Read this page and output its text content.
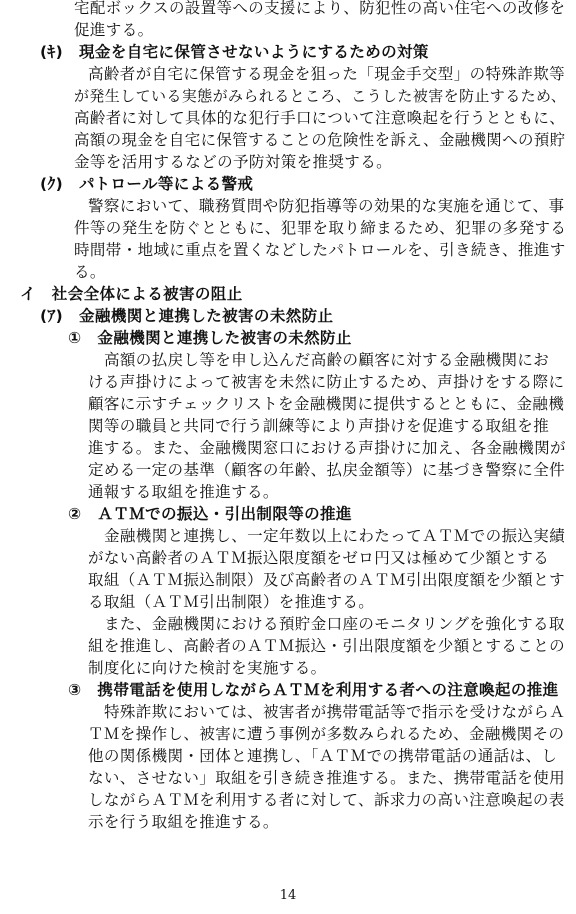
宅配ボックスの設置等への支援により、防犯性の高い住宅への改修を
促進する。
(ｷ)　現金を自宅に保管させないようにするための対策
高齢者が自宅に保管する現金を狙った「現金手交型」の特殊詐欺等
が発生している実態がみられるところ、こうした被害を防止するため、
高齢者に対して具体的な犯行手口について注意喚起を行うとともに、
高額の現金を自宅に保管することの危険性を訴え、金融機関への預貯
金等を活用するなどの予防対策を推奨する。
(ｸ)　パトロール等による警戒
警察において、職務質問や防犯指導等の効果的な実施を通じて、事
件等の発生を防ぐとともに、犯罪を取り締まるため、犯罪の多発する
時間帯・地域に重点を置くなどしたパトロールを、引き続き、推進す
る。
イ　社会全体による被害の阻止
(ｱ)　金融機関と連携した被害の未然防止
①　金融機関と連携した被害の未然防止
高額の払戻し等を申し込んだ高齢の顧客に対する金融機関にお
ける声掛けによって被害を未然に防止するため、声掛けをする際に
顧客に示すチェックリストを金融機関に提供するとともに、金融機
関等の職員と共同で行う訓練等により声掛けを促進する取組を推
進する。また、金融機関窓口における声掛けに加え、各金融機関が
定める一定の基準（顧客の年齢、払戻金額等）に基づき警察に全件
通報する取組を推進する。
②　ＡＴＭでの振込・引出制限等の推進
金融機関と連携し、一定年数以上にわたってＡＴＭでの振込実績
がない高齢者のＡＴＭ振込限度額をゼロ円又は極めて少額とする
取組（ＡＴＭ振込制限）及び高齢者のＡＴＭ引出限度額を少額とす
る取組（ＡＴＭ引出制限）を推進する。
また、金融機関における預貯金口座のモニタリングを強化する取
組を推進し、高齢者のＡＴＭ振込・引出限度額を少額とすることの
制度化に向けた検討を実施する。
③　携帯電話を使用しながらＡＴＭを利用する者への注意喚起の推進
特殊詐欺においては、被害者が携帯電話等で指示を受けながらＡ
ＴＭを操作し、被害に遭う事例が多数みられるため、金融機関その
他の関係機関・団体と連携し、「ＡＴＭでの携帯電話の通話は、し
ない、させない」取組を引き続き推進する。また、携帯電話を使用
しながらＡＴＭを利用する者に対して、訴求力の高い注意喚起の表
示を行う取組を推進する。
14
